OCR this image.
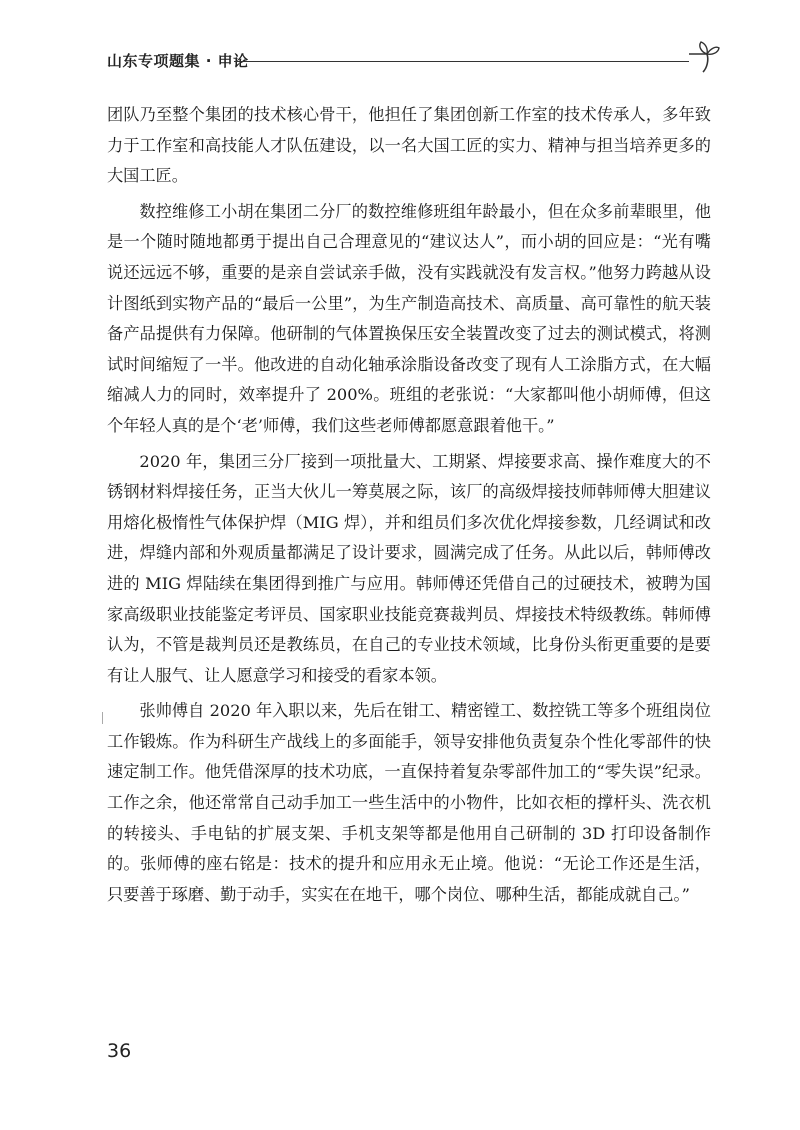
山东专项题集 · 申论

团队乃至整个集团的技术核心骨干，他担任了集团创新工作室的技术传承人，多年致力于工作室和高技能人才队伍建设，以一名大国工匠的实力、精神与担当培养更多的大国工匠。

数控维修工小胡在集团二分厂的数控维修班组年龄最小，但在众多前辈眼里，他是一个随时随地都勇于提出自己合理意见的“建议达人”，而小胡的回应是：“光有嘴说还远远不够，重要的是亲自尝试亲手做，没有实践就没有发言权。”他努力跨越从设计图纸到实物产品的“最后一公里”，为生产制造高技术、高质量、高可靠性的航天装备产品提供有力保障。他研制的气体置换保压安全装置改变了过去的测试模式，将测试时间缩短了一半。他改进的自动化轴承涂脂设备改变了现有人工涂脂方式，在大幅缩减人力的同时，效率提升了 200%。班组的老张说：“大家都叫他小胡师傅，但这个年轻人真的是个‘老’师傅，我们这些老师傅都愿意跟着他干。”

2020 年，集团三分厂接到一项批量大、工期紧、焊接要求高、操作难度大的不锈钢材料焊接任务，正当大伙儿一筹莫展之际，该厂的高级焊接技师韩师傅大胆建议用熔化极惰性气体保护焊（MIG 焊），并和组员们多次优化焊接参数，几经调试和改进，焊缝内部和外观质量都满足了设计要求，圆满完成了任务。从此以后，韩师傅改进的 MIG 焊陆续在集团得到推广与应用。韩师傅还凭借自己的过硬技术，被聘为国家高级职业技能鉴定考评员、国家职业技能竞赛裁判员、焊接技术特级教练。韩师傅认为，不管是裁判员还是教练员，在自己的专业技术领域，比身份头衔更重要的是要有让人服气、让人愿意学习和接受的看家本领。

张帅傅自 2020 年入职以来，先后在钳工、精密镗工、数控铣工等多个班组岗位工作锻炼。作为科研生产战线上的多面能手，领导安排他负责复杂个性化零部件的快速定制工作。他凭借深厚的技术功底，一直保持着复杂零部件加工的“零失误”纪录。工作之余，他还常常自己动手加工一些生活中的小物件，比如衣柜的撑杆头、洗衣机的转接头、手电钻的扩展支架、手机支架等都是他用自己研制的 3D 打印设备制作的。张师傅的座右铭是：技术的提升和应用永无止境。他说：“无论工作还是生活，只要善于琢磨、勤于动手，实实在在地干，哪个岗位、哪种生活，都能成就自己。”

36
